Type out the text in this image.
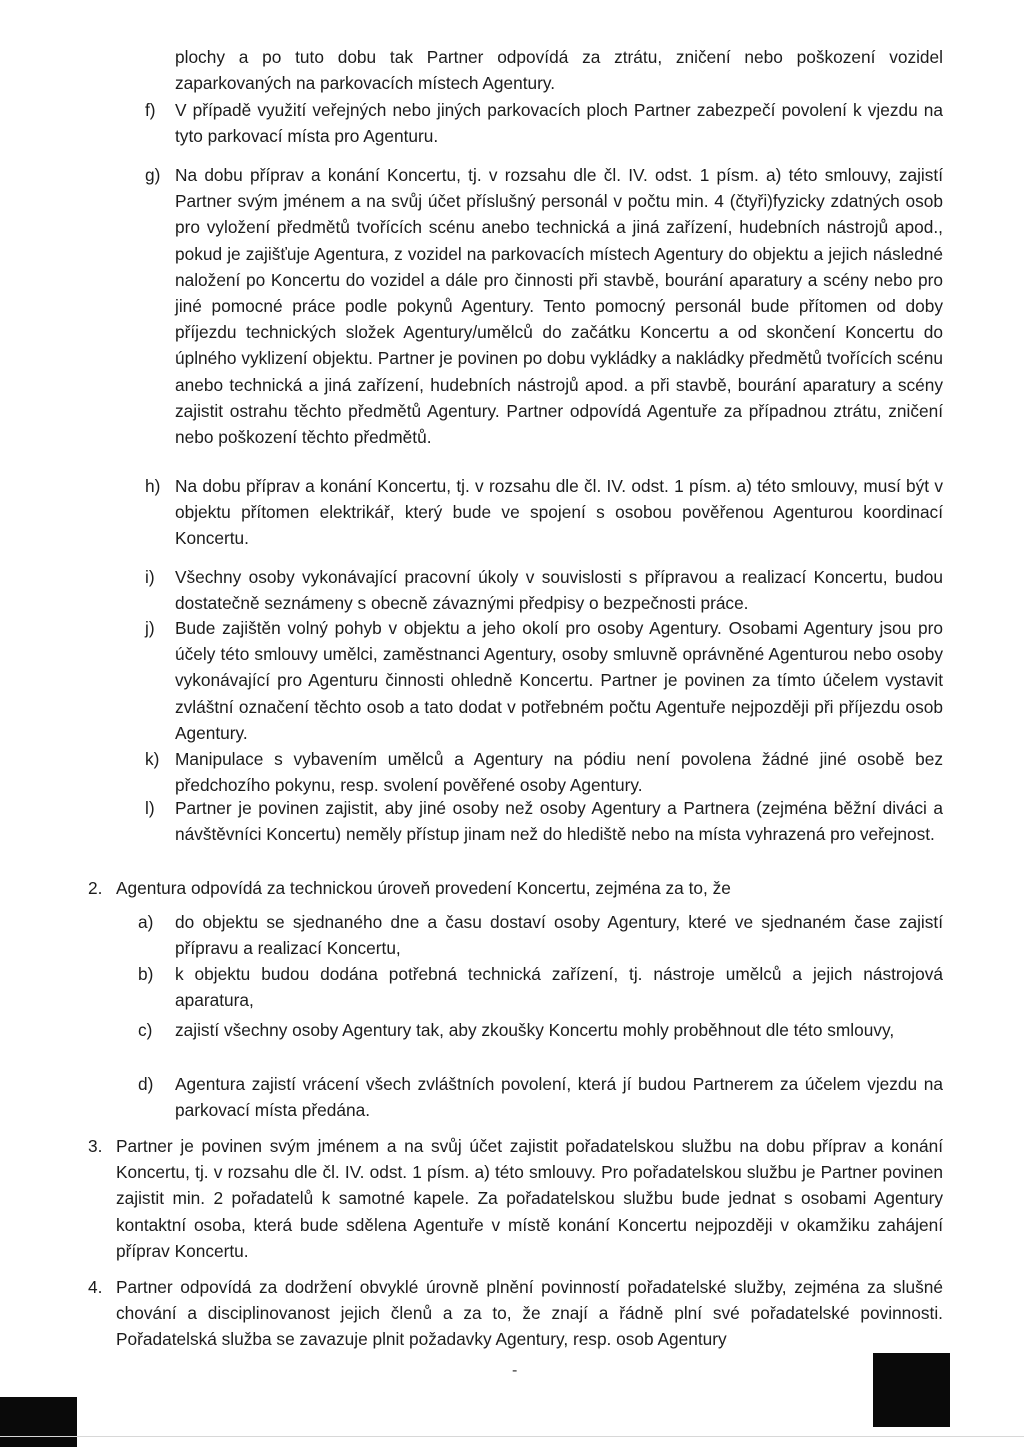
plochy a po tuto dobu tak Partner odpovídá za ztrátu, zničení nebo poškození vozidel zaparkovaných na parkovacích místech Agentury.

f)	V případě využití veřejných nebo jiných parkovacích ploch Partner zabezpečí povolení k vjezdu na tyto parkovací místa pro Agenturu.
g) Na dobu příprav a konání Koncertu, tj. v rozsahu dle čl. IV. odst. 1 písm. a) této smlouvy, zajistí Partner svým jménem a na svůj účet příslušný personál v počtu min. 4 (čtyři)fyzicky zdatných osob pro vyložení předmětů tvořících scénu anebo technická a jiná zařízení, hudebních nástrojů apod., pokud je zajišťuje Agentura, z vozidel na parkovacích místech Agentury do objektu a jejich následné naložení po Koncertu do vozidel a dále pro činnosti při stavbě, bourání aparatury a scény nebo pro jiné pomocné práce podle pokynů Agentury. Tento pomocný personál bude přítomen od doby příjezdu technických složek Agentury/umělců do začátku Koncertu a od skončení Koncertu do úplného vyklizení objektu. Partner je povinen po dobu vykládky a nakládky předmětů tvořících scénu anebo technická a jiná zařízení, hudebních nástrojů apod. a při stavbě, bourání aparatury a scény zajistit ostrahu těchto předmětů Agentury. Partner odpovídá Agentuře za případnou ztrátu, zničení nebo poškození těchto předmětů.
h) Na dobu příprav a konání Koncertu, tj. v rozsahu dle čl. IV. odst. 1 písm. a) této smlouvy, musí být v objektu přítomen elektrikář, který bude ve spojení s osobou pověřenou Agenturou koordinací Koncertu.
i)	Všechny osoby vykonávající pracovní úkoly v souvislosti s přípravou a realizací Koncertu, budou dostatečně seznámeny s obecně závaznými předpisy o bezpečnosti práce.
j)	Bude zajištěn volný pohyb v objektu a jeho okolí pro osoby Agentury. Osobami Agentury jsou pro účely této smlouvy umělci, zaměstnanci Agentury, osoby smluvně oprávněné Agenturou nebo osoby vykonávající pro Agenturu činnosti ohledně Koncertu. Partner je povinen za tímto účelem vystavit zvláštní označení těchto osob a tato dodat v potřebném počtu Agentuře nejpozději při příjezdu osob Agentury.
k) Manipulace s vybavením umělců a Agentury na pódiu není povolena žádné jiné osobě bez předchozího pokynu, resp. svolení pověřené osoby Agentury.
l)	Partner je povinen zajistit, aby jiné osoby než osoby Agentury a Partnera (zejména běžní diváci a návštěvníci Koncertu) neměly přístup jinam než do hlediště nebo na místa vyhrazená pro veřejnost.
2. Agentura odpovídá za technickou úroveň provedení Koncertu, zejména za to, že
a)	do objektu se sjednaného dne a času dostaví osoby Agentury, které ve sjednaném čase zajistí přípravu a realizací Koncertu,
b)	k objektu budou dodána potřebná technická zařízení, tj. nástroje umělců a jejich nástrojová aparatura,
c)	zajistí všechny osoby Agentury tak, aby zkoušky Koncertu mohly proběhnout dle této smlouvy,
d)	Agentura zajistí vrácení všech zvláštních povolení, která jí budou Partnerem za účelem vjezdu na parkovací místa předána.
3. Partner je povinen svým jménem a na svůj účet zajistit pořadatelskou službu na dobu příprav a konání Koncertu, tj. v rozsahu dle čl. IV. odst. 1 písm. a) této smlouvy. Pro pořadatelskou službu je Partner povinen zajistit min. 2 pořadatelů k samotné kapele. Za pořadatelskou službu bude jednat s osobami Agentury kontaktní osoba, která bude sdělena Agentuře v místě konání Koncertu nejpozději v okamžiku zahájení příprav Koncertu.
4. Partner odpovídá za dodržení obvyklé úrovně plnění povinností pořadatelské služby, zejména za slušné chování a disciplinovanost jejich členů a za to, že znají a řádně plní své pořadatelské povinnosti. Pořadatelská služba se zavazuje plnit požadavky Agentury, resp. osob Agentury
-
